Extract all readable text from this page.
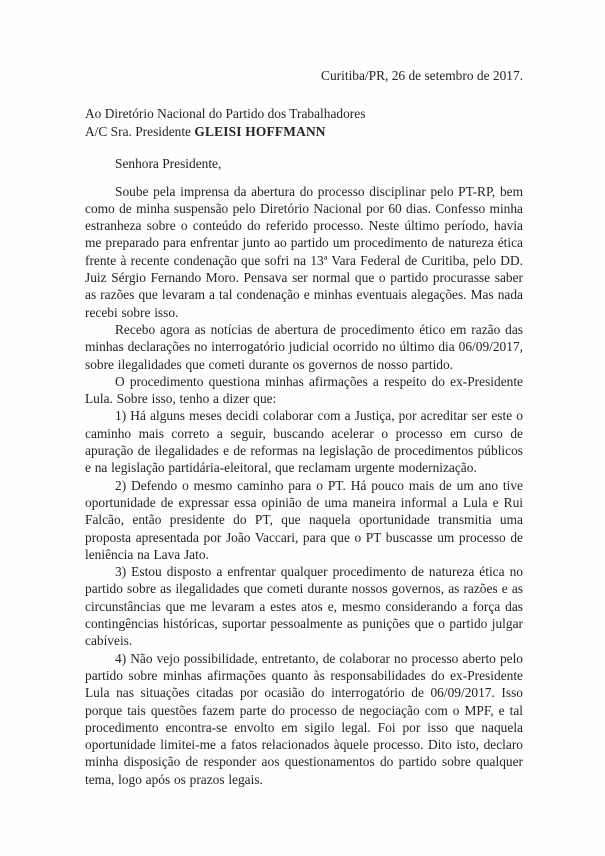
Curitiba/PR, 26 de setembro de 2017.

Ao Diretório Nacional do Partido dos Trabalhadores
A/C Sra. Presidente GLEISI HOFFMANN

Senhora Presidente,

Soube pela imprensa da abertura do processo disciplinar pelo PT-RP, bem como de minha suspensão pelo Diretório Nacional por 60 dias. Confesso minha estranheza sobre o conteúdo do referido processo. Neste último período, havia me preparado para enfrentar junto ao partido um procedimento de natureza ética frente à recente condenação que sofri na 13ª Vara Federal de Curitiba, pelo DD. Juiz Sérgio Fernando Moro. Pensava ser normal que o partido procurasse saber as razões que levaram a tal condenação e minhas eventuais alegações. Mas nada recebi sobre isso.

Recebo agora as notícias de abertura de procedimento ético em razão das minhas declarações no interrogatório judicial ocorrido no último dia 06/09/2017, sobre ilegalidades que cometi durante os governos de nosso partido.

O procedimento questiona minhas afirmações a respeito do ex-Presidente Lula. Sobre isso, tenho a dizer que:

1) Há alguns meses decidi colaborar com a Justiça, por acreditar ser este o caminho mais correto a seguir, buscando acelerar o processo em curso de apuração de ilegalidades e de reformas na legislação de procedimentos públicos e na legislação partidária-eleitoral, que reclamam urgente modernização.

2) Defendo o mesmo caminho para o PT. Há pouco mais de um ano tive oportunidade de expressar essa opinião de uma maneira informal a Lula e Rui Falcão, então presidente do PT, que naquela oportunidade transmitia uma proposta apresentada por João Vaccari, para que o PT buscasse um processo de leniência na Lava Jato.

3) Estou disposto a enfrentar qualquer procedimento de natureza ética no partido sobre as ilegalidades que cometi durante nossos governos, as razões e as circunstâncias que me levaram a estes atos e, mesmo considerando a força das contingências históricas, suportar pessoalmente as punições que o partido julgar cabíveis.

4) Não vejo possibilidade, entretanto, de colaborar no processo aberto pelo partido sobre minhas afirmações quanto às responsabilidades do ex-Presidente Lula nas situações citadas por ocasião do interrogatório de 06/09/2017. Isso porque tais questões fazem parte do processo de negociação com o MPF, e tal procedimento encontra-se envolto em sigilo legal. Foi por isso que naquela oportunidade limitei-me a fatos relacionados àquele processo. Dito isto, declaro minha disposição de responder aos questionamentos do partido sobre qualquer tema, logo após os prazos legais.
